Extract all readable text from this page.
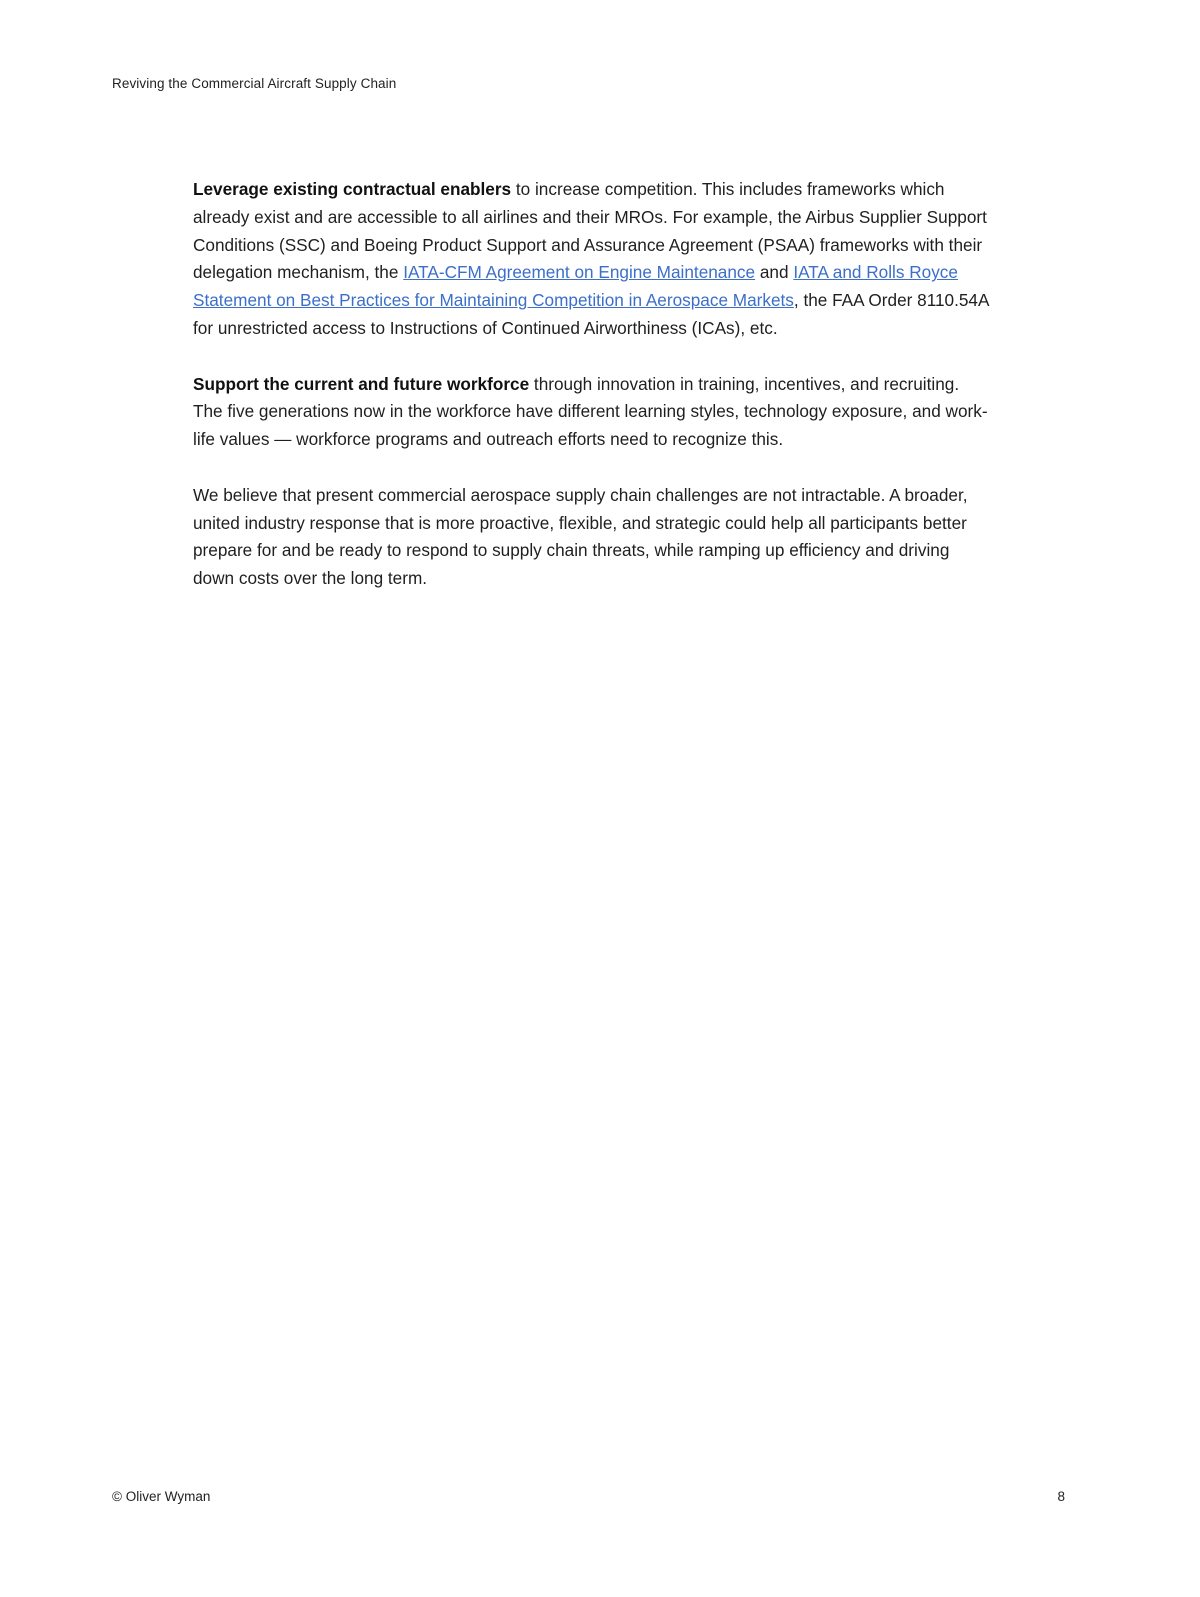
Reviving the Commercial Aircraft Supply Chain

Leverage existing contractual enablers to increase competition. This includes frameworks which already exist and are accessible to all airlines and their MROs. For example, the Airbus Supplier Support Conditions (SSC) and Boeing Product Support and Assurance Agreement (PSAA) frameworks with their delegation mechanism, the IATA-CFM Agreement on Engine Maintenance and IATA and Rolls Royce Statement on Best Practices for Maintaining Competition in Aerospace Markets, the FAA Order 8110.54A for unrestricted access to Instructions of Continued Airworthiness (ICAs), etc.

Support the current and future workforce through innovation in training, incentives, and recruiting. The five generations now in the workforce have different learning styles, technology exposure, and work-life values — workforce programs and outreach efforts need to recognize this.

We believe that present commercial aerospace supply chain challenges are not intractable. A broader, united industry response that is more proactive, flexible, and strategic could help all participants better prepare for and be ready to respond to supply chain threats, while ramping up efficiency and driving down costs over the long term.

© Oliver Wyman	8
